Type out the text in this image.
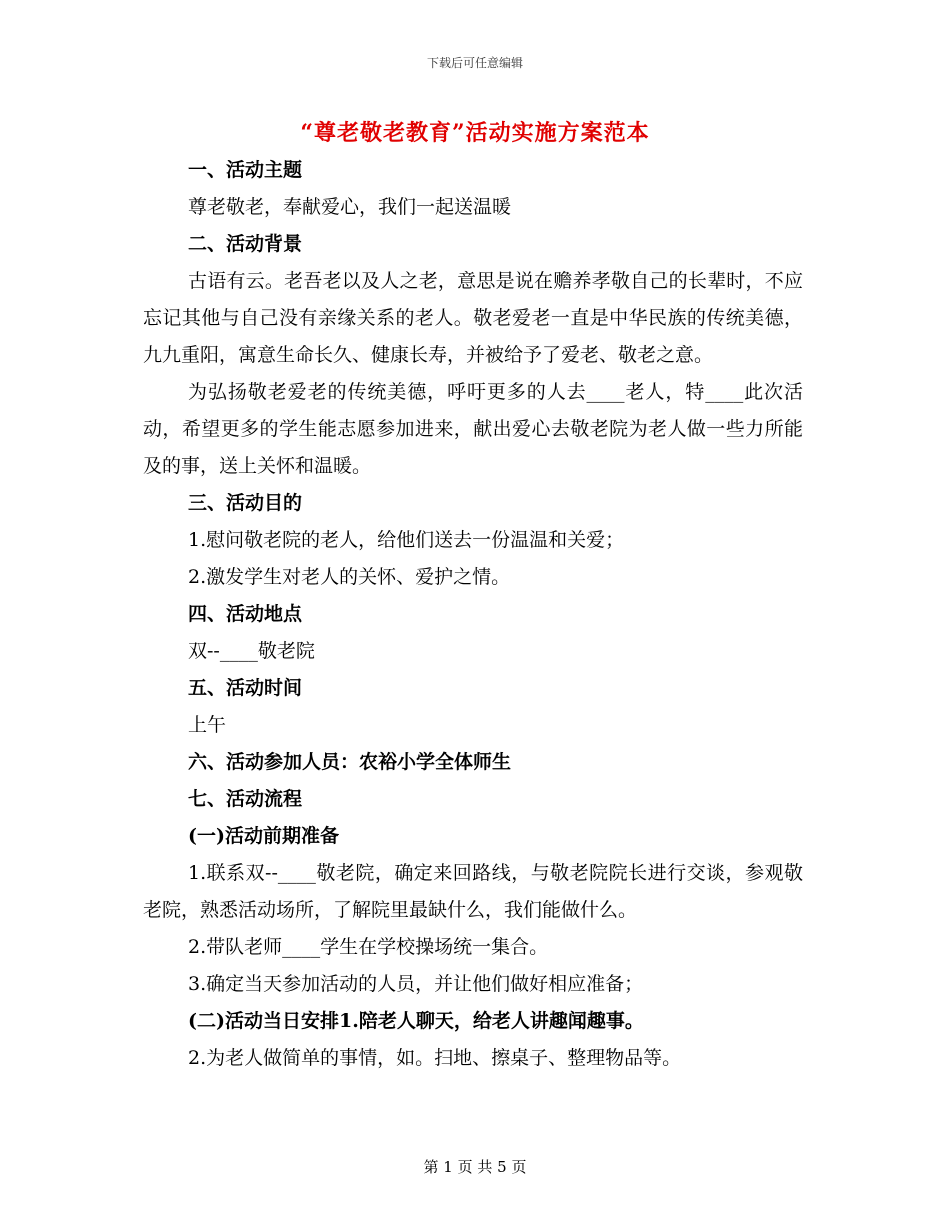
下载后可任意编辑
“尊老敬老教育”活动实施方案范本

一、活动主题

尊老敬老，奉献爱心，我们一起送温暖

二、活动背景

古语有云。老吾老以及人之老，意思是说在赡养孝敬自己的长辈时，不应忘记其他与自己没有亲缘关系的老人。敬老爱老一直是中华民族的传统美德，九九重阳，寓意生命长久、健康长寿，并被给予了爱老、敬老之意。

为弘扬敬老爱老的传统美德，呼吁更多的人去____老人，特____此次活动，希望更多的学生能志愿参加进来，献出爱心去敬老院为老人做一些力所能及的事，送上关怀和温暖。

三、活动目的

1.慰问敬老院的老人，给他们送去一份温温和关爱；

2.激发学生对老人的关怀、爱护之情。

四、活动地点

双--____敬老院

五、活动时间

上午

六、活动参加人员：农裕小学全体师生

七、活动流程

(一)活动前期准备

1.联系双--____敬老院，确定来回路线，与敬老院院长进行交谈，参观敬老院，熟悉活动场所，了解院里最缺什么，我们能做什么。

2.带队老师____学生在学校操场统一集合。

3.确定当天参加活动的人员，并让他们做好相应准备；

(二)活动当日安排1.陪老人聊天，给老人讲趣闻趣事。

2.为老人做简单的事情，如。扫地、擦桌子、整理物品等。

第 1 页 共 5 页
